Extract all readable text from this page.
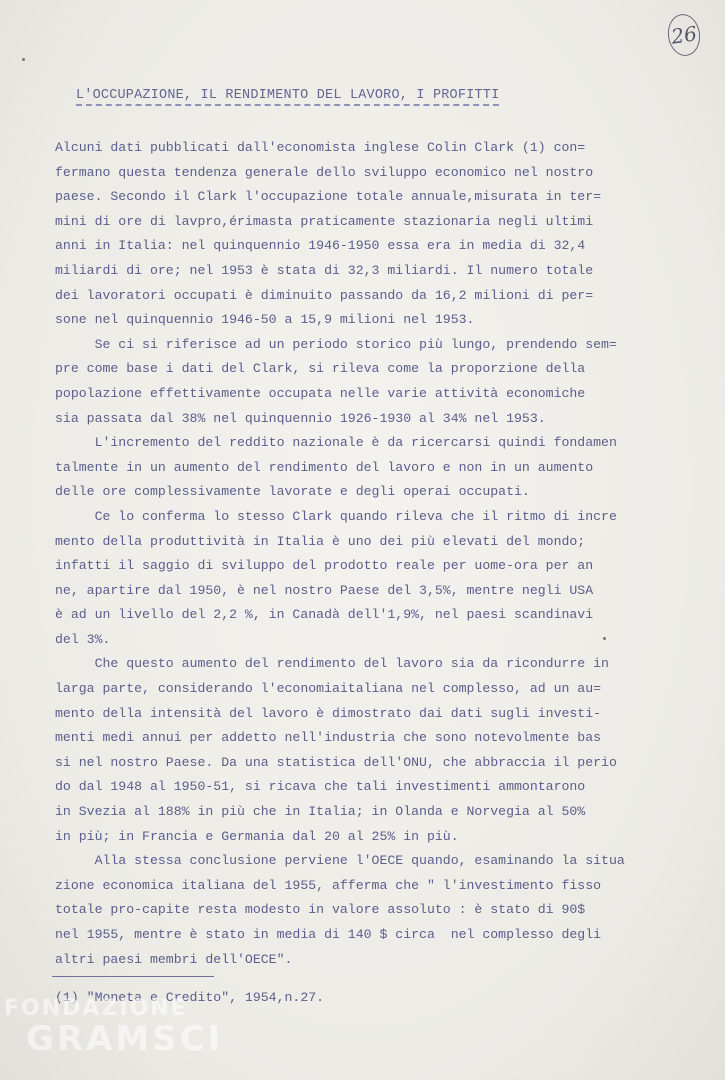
26
L'OCCUPAZIONE, IL RENDIMENTO DEL LAVORO, I PROFITTI
Alcuni dati pubblicati dall'economista inglese Colin Clark (1) con=
fermano questa tendenza generale dello sviluppo economico nel nostro
paese. Secondo il Clark l'occupazione totale annuale,misurata in ter=
mini di ore di lavpro,érimasta praticamente stazionaria negli ultimi
anni in Italia: nel quinquennio 1946-1950 essa era in media di 32,4
miliardi di ore; nel 1953 è stata di 32,3 miliardi. Il numero totale
dei lavoratori occupati è diminuito passando da 16,2 milioni di per=
sone nel quinquennio 1946-50 a 15,9 milioni nel 1953.
Se ci si riferisce ad un periodo storico più lungo, prendendo sem=
pre come base i dati del Clark, si rileva come la proporzione della
popolazione effettivamente occupata nelle varie attività economiche
sia passata dal 38% nel quinquennio 1926-1930 al 34% nel 1953.
L'incremento del reddito nazionale è da ricercarsi quindi fondamen
talmente in un aumento del rendimento del lavoro e non in un aumento
delle ore complessivamente lavorate e degli operai occupati.
Ce lo conferma lo stesso Clark quando rileva che il ritmo di incre
mento della produttività in Italia è uno dei più elevati del mondo;
infatti il saggio di sviluppo del prodotto reale per uome-ora per an
ne, apartire dal 1950, è nel nostro Paese del 3,5%, mentre negli USA
è ad un livello del 2,2 %, in Canadà dell'1,9%, nel paesi scandinavi
del 3%.
Che questo aumento del rendimento del lavoro sia da ricondurre in
larga parte, considerando l'economiaitaliana nel complesso, ad un au=
mento della intensità del lavoro è dimostrato dai dati sugli investi-
menti medi annui per addetto nell'industria che sono notevolmente bas
si nel nostro Paese. Da una statistica dell'ONU, che abbraccia il perio
do dal 1948 al 1950-51, si ricava che tali investimenti ammontarono
in Svezia al 188% in più che in Italia; in Olanda e Norvegia al 50%
in più; in Francia e Germania dal 20 al 25% in più.
Alla stessa conclusione perviene l'OECE quando, esaminando la situa
zione economica italiana del 1955, afferma che " l'investimento fisso
totale pro-capite resta modesto in valore assoluto : è stato di 90$
nel 1955, mentre è stato in media di 140 $ circa  nel complesso degli
altri paesi membri dell'OECE".
(1) "Moneta e Credito", 1954,n.27.
FONDAZIONE
GRAMSCI
